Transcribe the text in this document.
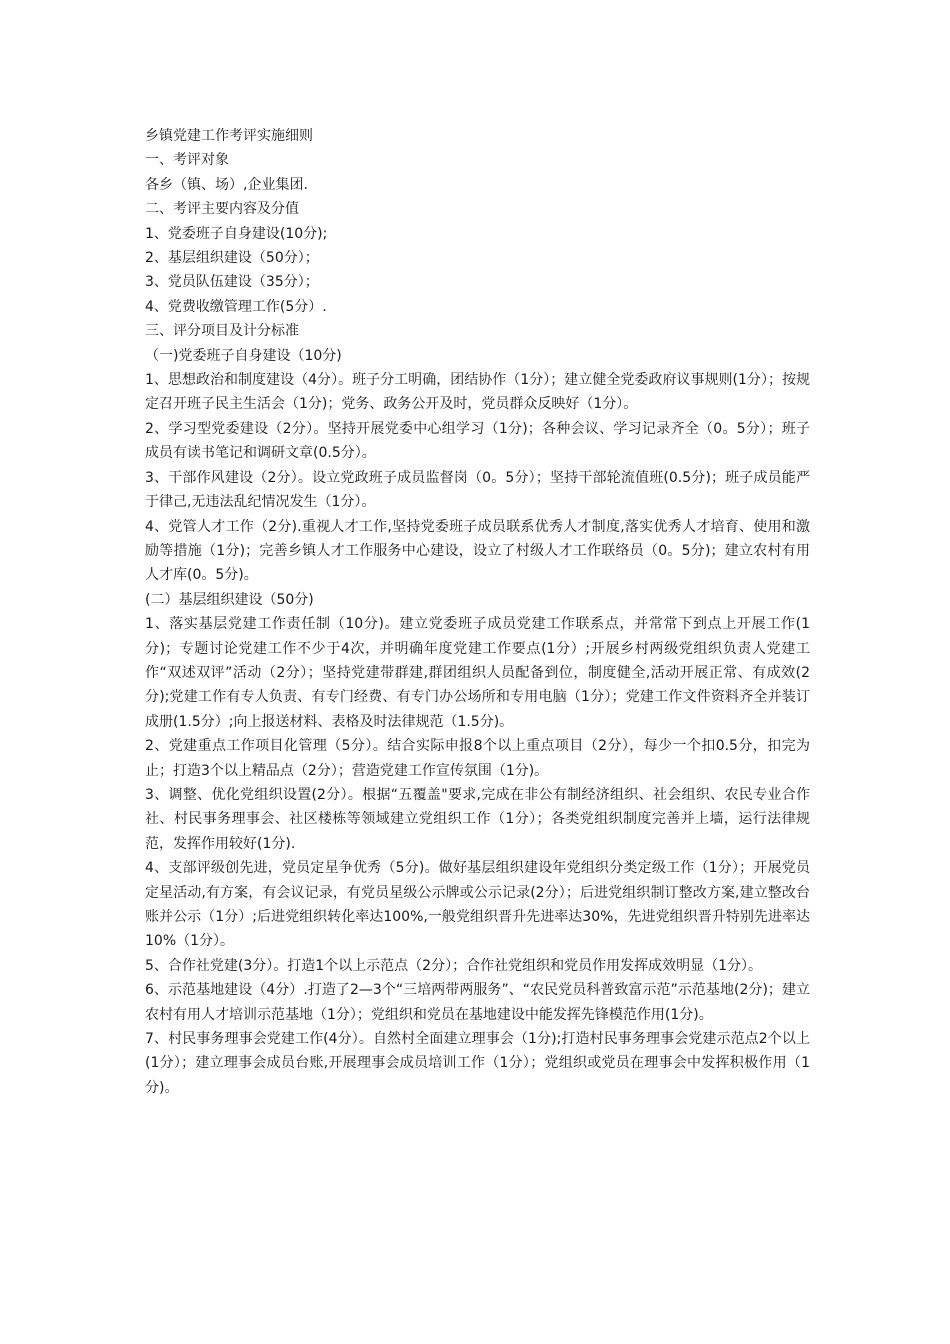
乡镇党建工作考评实施细则

一、考评对象

各乡（镇、场）,企业集团.

二、考评主要内容及分值

1、党委班子自身建设(10分);

2、基层组织建设（50分）；

3、党员队伍建设（35分）；

4、党费收缴管理工作(5分）.

三、评分项目及计分标准

（一)党委班子自身建设（10分)

1、思想政治和制度建设（4分）。班子分工明确，团结协作（1分）；建立健全党委政府议事规则(1分）；按规定召开班子民主生活会（1分)；党务、政务公开及时，党员群众反映好（1分）。

2、学习型党委建设（2分）。坚持开展党委中心组学习（1分)；各种会议、学习记录齐全（0。5分）；班子成员有读书笔记和调研文章(0.5分）。

3、干部作风建设（2分）。设立党政班子成员监督岗（0。5分）；坚持干部轮流值班(0.5分)；班子成员能严于律己,无违法乱纪情况发生（1分）。

4、党管人才工作（2分).重视人才工作,坚持党委班子成员联系优秀人才制度,落实优秀人才培育、使用和激励等措施（1分)；完善乡镇人才工作服务中心建设，设立了村级人才工作联络员（0。5分)；建立农村有用人才库(0。5分)。

(二）基层组织建设（50分)

1、落实基层党建工作责任制（10分)。建立党委班子成员党建工作联系点，并常常下到点上开展工作(1分)；专题讨论党建工作不少于4次，并明确年度党建工作要点(1分）;开展乡村两级党组织负责人党建工作“双述双评”活动（2分）；坚持党建带群建,群团组织人员配备到位，制度健全,活动开展正常、有成效(2分);党建工作有专人负责、有专门经费、有专门办公场所和专用电脑（1分）；党建工作文件资料齐全并装订成册(1.5分）;向上报送材料、表格及时法律规范（1.5分)。

2、党建重点工作项目化管理（5分）。结合实际申报8个以上重点项目（2分），每少一个扣0.5分，扣完为止；打造3个以上精品点（2分）；营造党建工作宣传氛围（1分)。

3、调整、优化党组织设置(2分）。根据“五覆盖"要求,完成在非公有制经济组织、社会组织、农民专业合作社、村民事务理事会、社区楼栋等领域建立党组织工作（1分）；各类党组织制度完善并上墙，运行法律规范，发挥作用较好(1分).

4、支部评级创先进，党员定星争优秀（5分)。做好基层组织建设年党组织分类定级工作（1分）；开展党员定星活动,有方案，有会议记录，有党员星级公示牌或公示记录(2分）；后进党组织制订整改方案,建立整改台账并公示（1分）;后进党组织转化率达100%,一般党组织晋升先进率达30%，先进党组织晋升特别先进率达10%（1分）。

5、合作社党建(3分）。打造1个以上示范点（2分）；合作社党组织和党员作用发挥成效明显（1分）。

6、示范基地建设（4分）.打造了2—3个“三培两带两服务”、“农民党员科普致富示范”示范基地(2分)；建立农村有用人才培训示范基地（1分）；党组织和党员在基地建设中能发挥先锋模范作用(1分)。

7、村民事务理事会党建工作(4分）。自然村全面建立理事会（1分);打造村民事务理事会党建示范点2个以上(1分）；建立理事会成员台账,开展理事会成员培训工作（1分）；党组织或党员在理事会中发挥积极作用（1分)。
